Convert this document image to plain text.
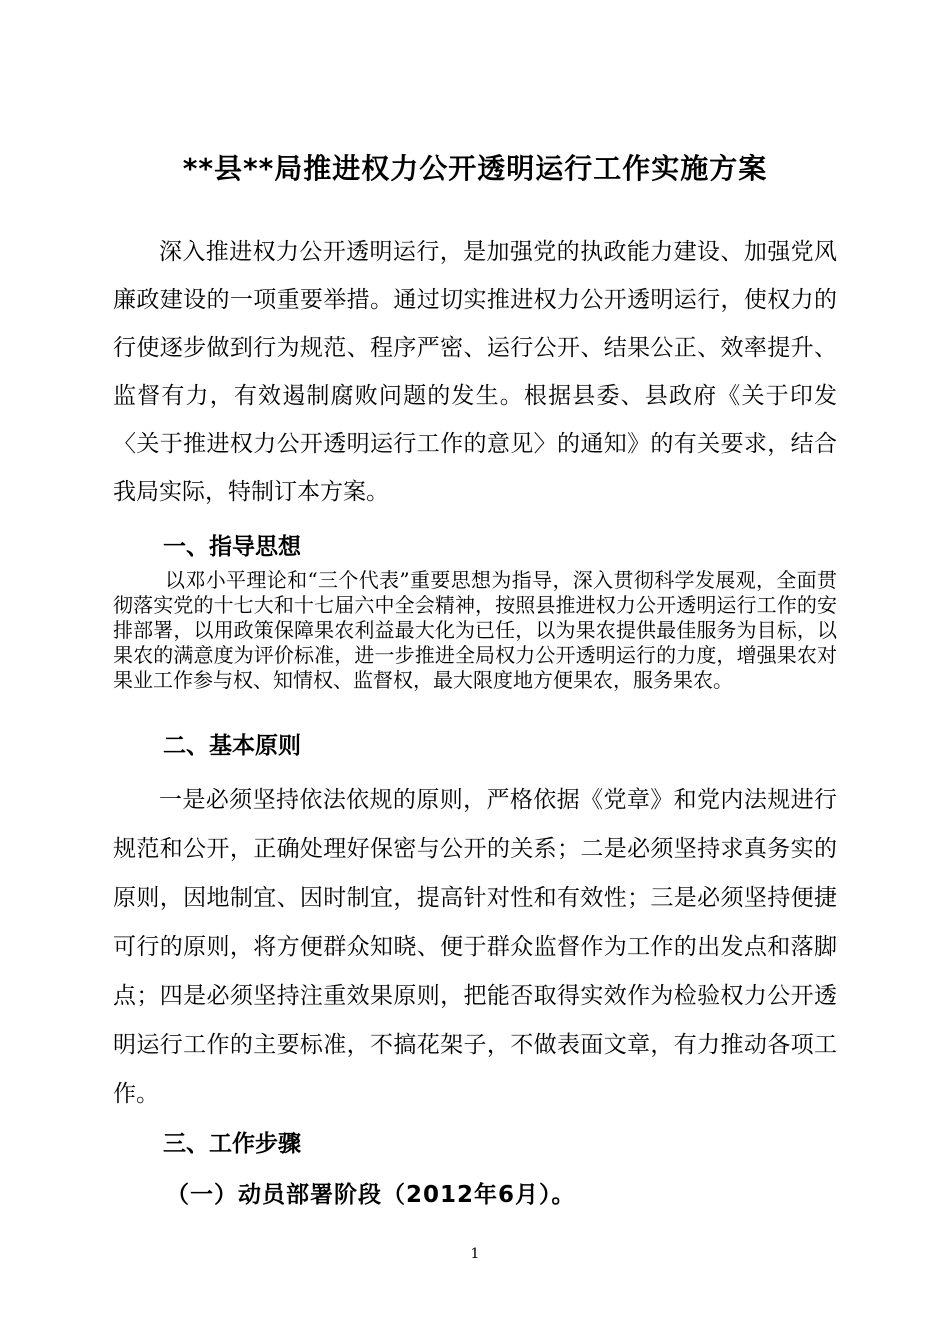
**县**局推进权力公开透明运行工作实施方案

深入推进权力公开透明运行，是加强党的执政能力建设、加强党风廉政建设的一项重要举措。通过切实推进权力公开透明运行，使权力的行使逐步做到行为规范、程序严密、运行公开、结果公正、效率提升、监督有力，有效遏制腐败问题的发生。根据县委、县政府《关于印发〈关于推进权力公开透明运行工作的意见〉的通知》的有关要求，结合我局实际，特制订本方案。

一、指导思想

以邓小平理论和“三个代表”重要思想为指导，深入贯彻科学发展观，全面贯彻落实党的十七大和十七届六中全会精神，按照县推进权力公开透明运行工作的安排部署，以用政策保障果农利益最大化为已任，以为果农提供最佳服务为目标，以果农的满意度为评价标准，进一步推进全局权力公开透明运行的力度，增强果农对果业工作参与权、知情权、监督权，最大限度地方便果农，服务果农。

二、基本原则

一是必须坚持依法依规的原则，严格依据《党章》和党内法规进行规范和公开，正确处理好保密与公开的关系；二是必须坚持求真务实的原则，因地制宜、因时制宜，提高针对性和有效性；三是必须坚持便捷可行的原则，将方便群众知晓、便于群众监督作为工作的出发点和落脚点；四是必须坚持注重效果原则，把能否取得实效作为检验权力公开透明运行工作的主要标准，不搞花架子，不做表面文章，有力推动各项工作。

三、工作步骤
（一）动员部署阶段（2012年6月）。
1
